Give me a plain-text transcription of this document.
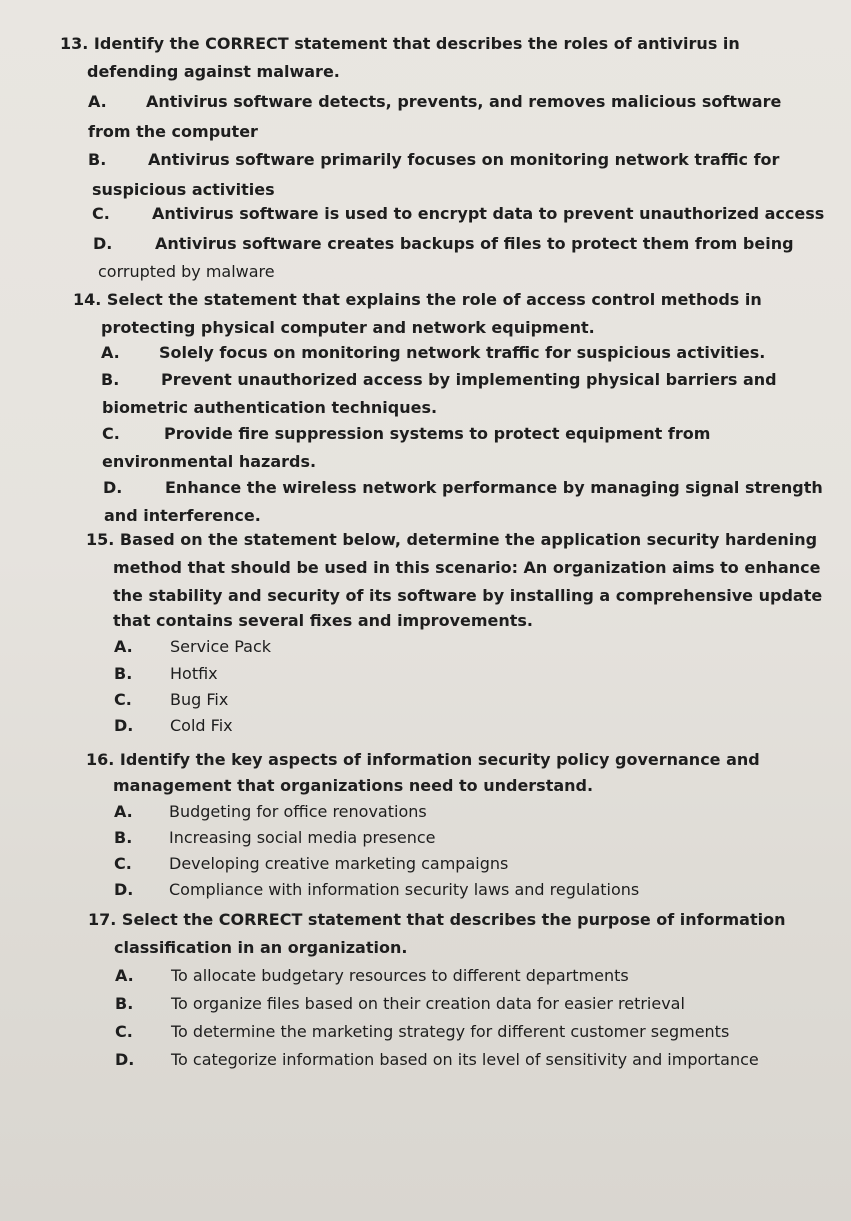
13. Identify the CORRECT statement that describes the roles of antivirus in
defending against malware.
A. Antivirus software detects, prevents, and removes malicious software
from the computer
B.	Antivirus software primarily focuses on monitoring network traffic for
suspicious activities
C.	Antivirus software is used to encrypt data to prevent unauthorized access
D.	Antivirus software creates backups of files to protect them from being
corrupted by malware
14. Select the statement that explains the role of access control methods in
protecting physical computer and network equipment.
A. Solely focus on monitoring network traffic for suspicious activities.
B.	Prevent unauthorized access by implementing physical barriers and
biometric authentication techniques.
C.	Provide fire suppression systems to protect equipment from
environmental hazards.
D.	Enhance the wireless network performance by managing signal strength
and interference.
15. Based on the statement below, determine the application security hardening
method that should be used in this scenario: An organization aims to enhance
the stability and security of its software by installing a comprehensive update
that contains several fixes and improvements.
A. Service Pack
B. Hotfix
C. Bug Fix
D. Cold Fix
16. Identify the key aspects of information security policy governance and
management that organizations need to understand.
A. Budgeting for office renovations
B. Increasing social media presence
C. Developing creative marketing campaigns
D. Compliance with information security laws and regulations
17. Select the CORRECT statement that describes the purpose of information
classification in an organization.
A. To allocate budgetary resources to different departments
B. To organize files based on their creation data for easier retrieval
C. To determine the marketing strategy for different customer segments
D. To categorize information based on its level of sensitivity and importance
